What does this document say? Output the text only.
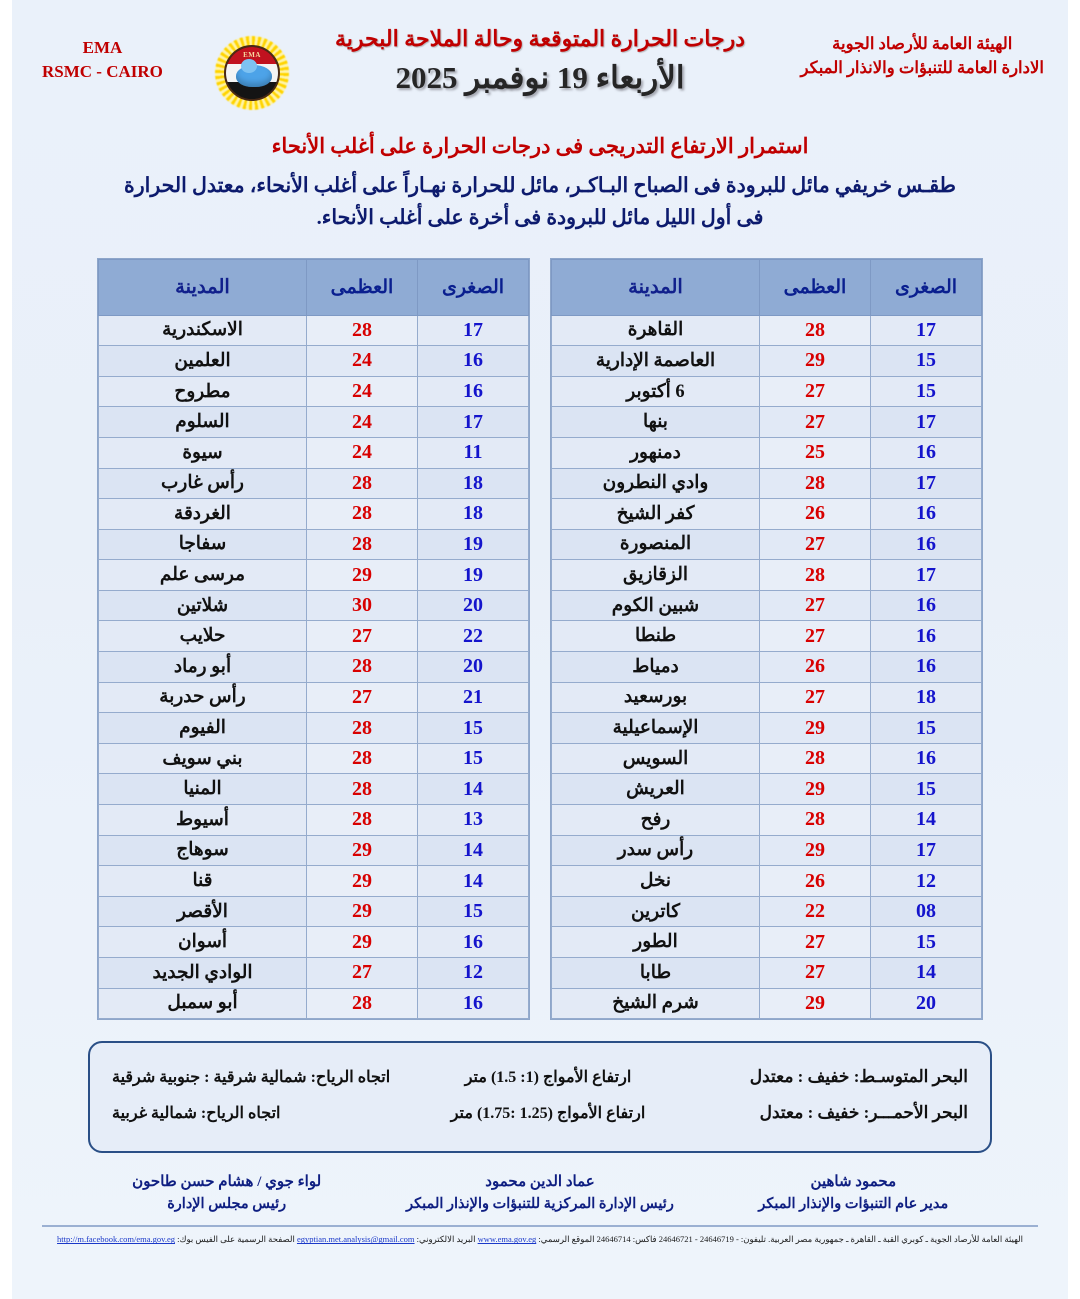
الهيئة العامة للأرصاد الجوية
الادارة العامة للتنبؤات والانذار المبكر
درجات الحرارة المتوقعة وحالة الملاحة البحرية
الأربعاء 19 نوفمبر 2025
EMA
EMA
RSMC - CAIRO
استمرار الارتفاع التدريجى فى درجات الحرارة على أغلب الأنحاء
طقـس خريفي مائل للبرودة فى الصباح البـاكـر، مائل للحرارة نهـاراً على أغلب الأنحاء، معتدل الحرارة
فى أول الليل مائل للبرودة فى أخرة على أغلب الأنحاء.
الصغرى	العظمى	المدينة
17	28	القاهرة
15	29	العاصمة الإدارية
15	27	6 أكتوبر
17	27	بنها
16	25	دمنهور
17	28	وادي النطرون
16	26	كفر الشيخ
16	27	المنصورة
17	28	الزقازيق
16	27	شبين الكوم
16	27	طنطا
16	26	دمياط
18	27	بورسعيد
15	29	الإسماعيلية
16	28	السويس
15	29	العريش
14	28	رفح
17	29	رأس سدر
12	26	نخل
08	22	كاترين
15	27	الطور
14	27	طابا
20	29	شرم الشيخ
الصغرى	العظمى	المدينة
17	28	الاسكندرية
16	24	العلمين
16	24	مطروح
17	24	السلوم
11	24	سيوة
18	28	رأس غارب
18	28	الغردقة
19	28	سفاجا
19	29	مرسى علم
20	30	شلاتين
22	27	حلايب
20	28	أبو رماد
21	27	رأس حدربة
15	28	الفيوم
15	28	بني سويف
14	28	المنيا
13	28	أسيوط
14	29	سوهاج
14	29	قنا
15	29	الأقصر
16	29	أسوان
12	27	الوادي الجديد
16	28	أبو سمبل
البحر المتوسـط: خفيف : معتدل
ارتفاع الأمواج (1: 1.5) متر
اتجاه الرياح: شمالية شرقية : جنوبية شرقية
البحر الأحمـــر: خفيف : معتدل
ارتفاع الأمواج (1.25 :1.75) متر
اتجاه الرياح: شمالية غربية
محمود شاهين
مدير عام التنبؤات والإنذار المبكر
عماد الدين محمود
رئيس الإدارة المركزية للتنبؤات والإنذار المبكر
لواء جوي / هشام حسن طاحون
رئيس مجلس الإدارة
الهيئة العامة للأرصاد الجوية ـ كوبري القبة ـ القاهرة ـ جمهورية مصر العربية. تليفون: - 24646719 - 24646721 فاكس: 24646714 الموقع الرسمي: www.ema.gov.eg البريد الالكتروني: egyptian.met.analysis@gmail.com الصفحة الرسمية على الفيس بوك: http://m.facebook.com/ema.gov.eg
